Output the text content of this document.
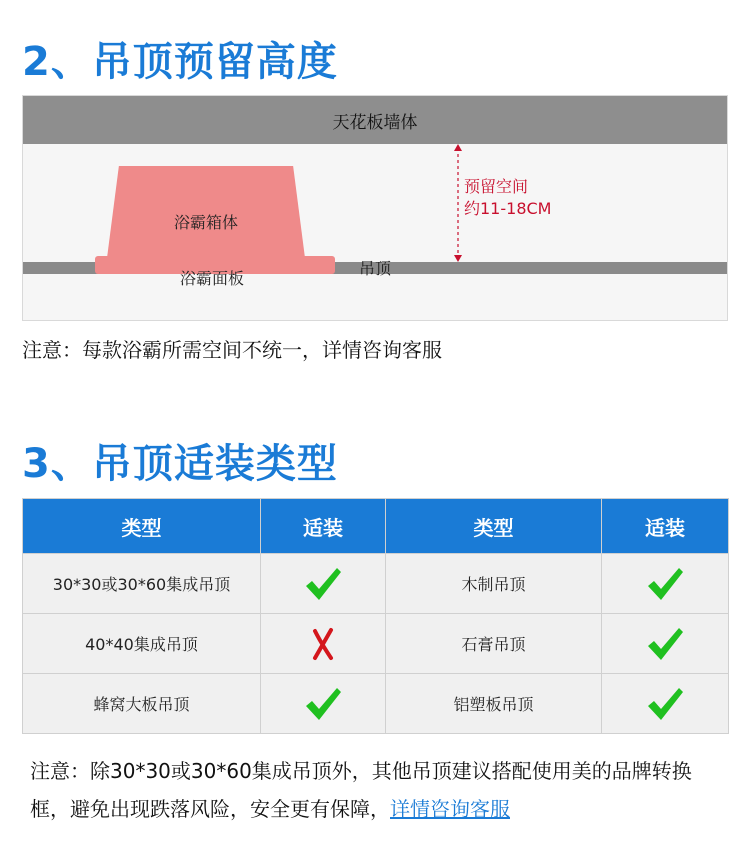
2、吊顶预留高度
天花板墙体
浴霸箱体
浴霸面板
吊顶
预留空间
约11-18CM
注意：每款浴霸所需空间不统一，详情咨询客服
3、吊顶适装类型
类型	适装	类型	适装
30*30或30*60集成吊顶		木制吊顶	
40*40集成吊顶		石膏吊顶	
蜂窝大板吊顶		铝塑板吊顶	
注意：除30*30或30*60集成吊顶外，其他吊顶建议搭配使用美的品牌转换框，避免出现跌落风险，安全更有保障，详情咨询客服
